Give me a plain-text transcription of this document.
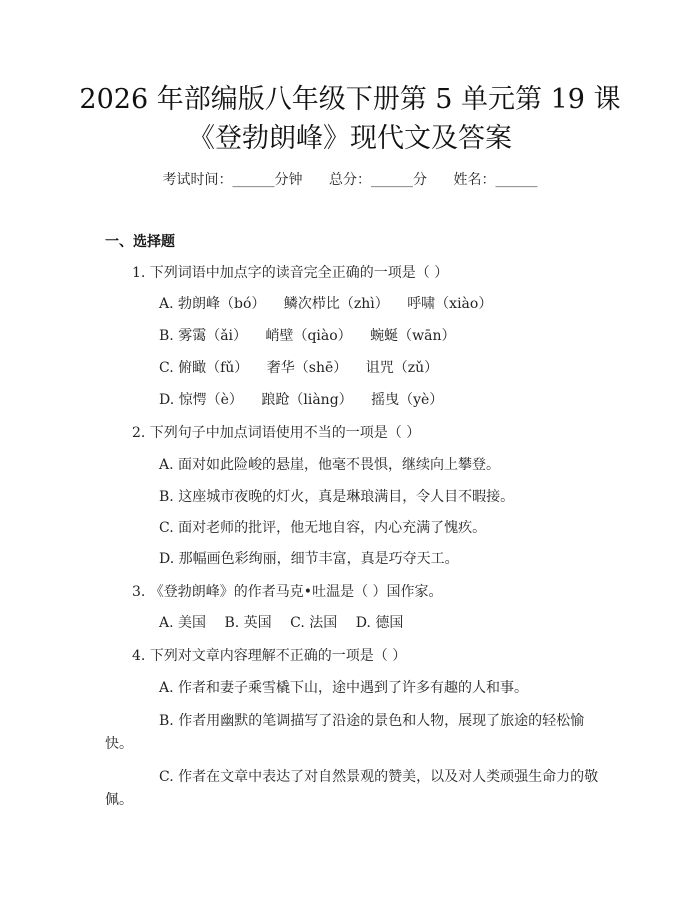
2026 年部编版八年级下册第 5 单元第 19 课
《登勃朗峰》现代文及答案
考试时间：______分钟 总分：______分 姓名：______
一、选择题
1. 下列词语中加点字的读音完全正确的一项是（ ）
A. 勃朗峰（bó） 鳞次栉比（zhì） 呼啸（xiào）
B. 雾霭（ǎi） 峭壁（qiào） 蜿蜒（wān）
C. 俯瞰（fǔ） 奢华（shē） 诅咒（zǔ）
D. 惊愕（è） 踉跄（liàng） 摇曳（yè）
2. 下列句子中加点词语使用不当的一项是（ ）
A. 面对如此险峻的悬崖，他毫不畏惧，继续向上攀登。
B. 这座城市夜晚的灯火，真是琳琅满目，令人目不暇接。
C. 面对老师的批评，他无地自容，内心充满了愧疚。
D. 那幅画色彩绚丽，细节丰富，真是巧夺天工。
3. 《登勃朗峰》的作者马克•吐温是（ ）国作家。
A. 美国 B. 英国 C. 法国 D. 德国
4. 下列对文章内容理解不正确的一项是（ ）
A. 作者和妻子乘雪橇下山，途中遇到了许多有趣的人和事。
B. 作者用幽默的笔调描写了沿途的景色和人物，展现了旅途的轻松愉
快。
C. 作者在文章中表达了对自然景观的赞美，以及对人类顽强生命力的敬
佩。
